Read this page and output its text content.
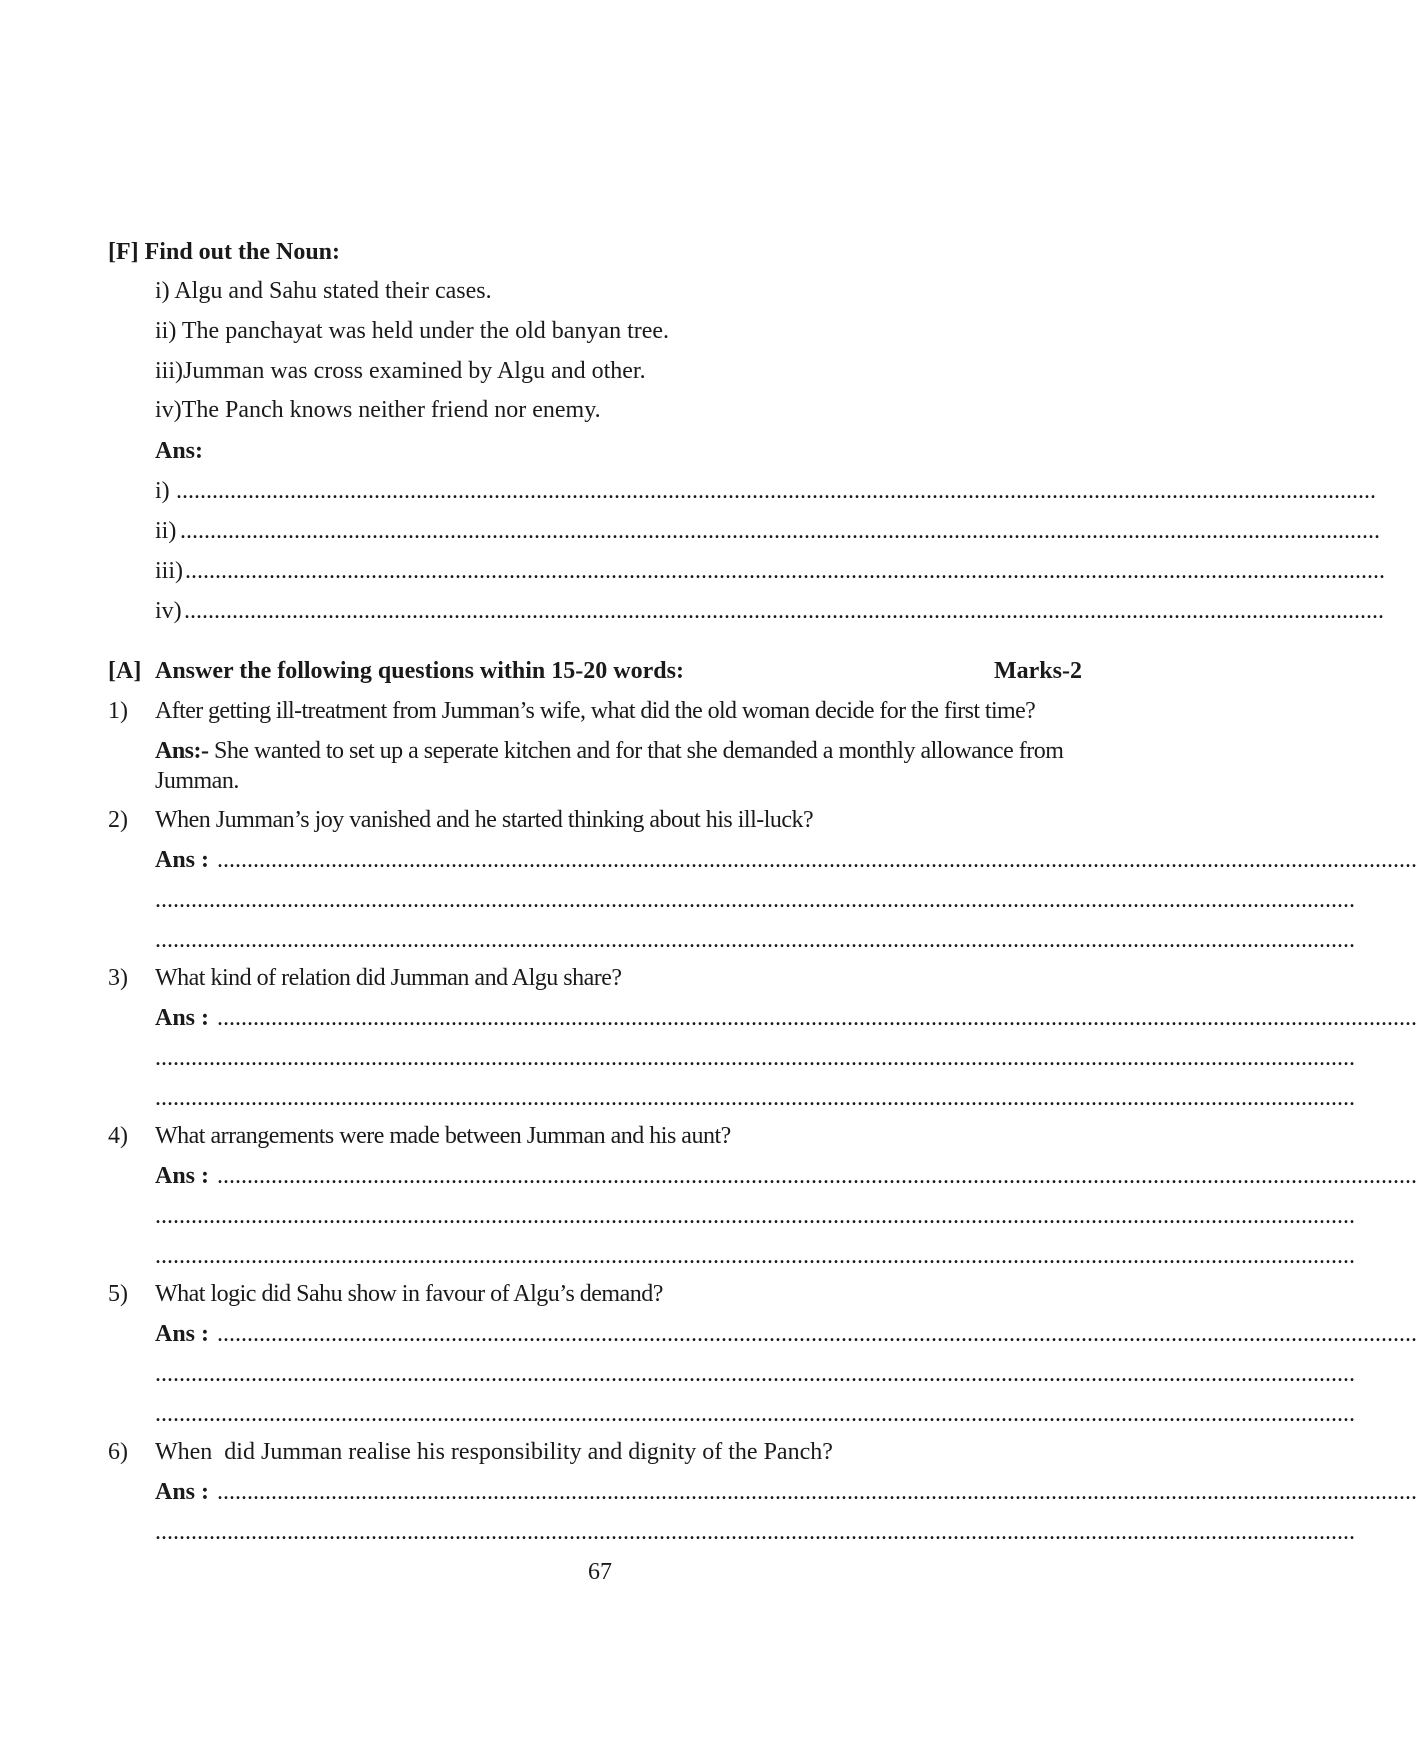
[F] Find out the Noun:
i) Algu and Sahu stated their cases.
ii) The panchayat was held under the old banyan tree.
iii)Jumman was cross examined by Algu and other.
iv)The Panch knows neither friend nor enemy.
Ans:
i) ........................................................................................................................................................................................................
ii) ........................................................................................................................................................................................................
iii) ........................................................................................................................................................................................................
iv) ........................................................................................................................................................................................................
[A] Answer the following questions within 15-20 words:	Marks-2
1) After getting ill-treatment from Jumman’s wife, what did the old woman decide for the first time?
Ans:- She wanted to set up a seperate kitchen and for that she demanded a monthly allowance from
Jumman.
2) When Jumman’s joy vanished and he started thinking about his ill-luck?
Ans : ........................................................................................................................................................................................................
........................................................................................................................................................................................................
........................................................................................................................................................................................................
3) What kind of relation did Jumman and Algu share?
Ans : ........................................................................................................................................................................................................
........................................................................................................................................................................................................
........................................................................................................................................................................................................
4) What arrangements were made between Jumman and his aunt?
Ans : ........................................................................................................................................................................................................
........................................................................................................................................................................................................
........................................................................................................................................................................................................
5) What logic did Sahu show in favour of Algu’s demand?
Ans : ........................................................................................................................................................................................................
........................................................................................................................................................................................................
........................................................................................................................................................................................................
6) When  did Jumman realise his responsibility and dignity of the Panch?
Ans : ........................................................................................................................................................................................................
........................................................................................................................................................................................................
67
